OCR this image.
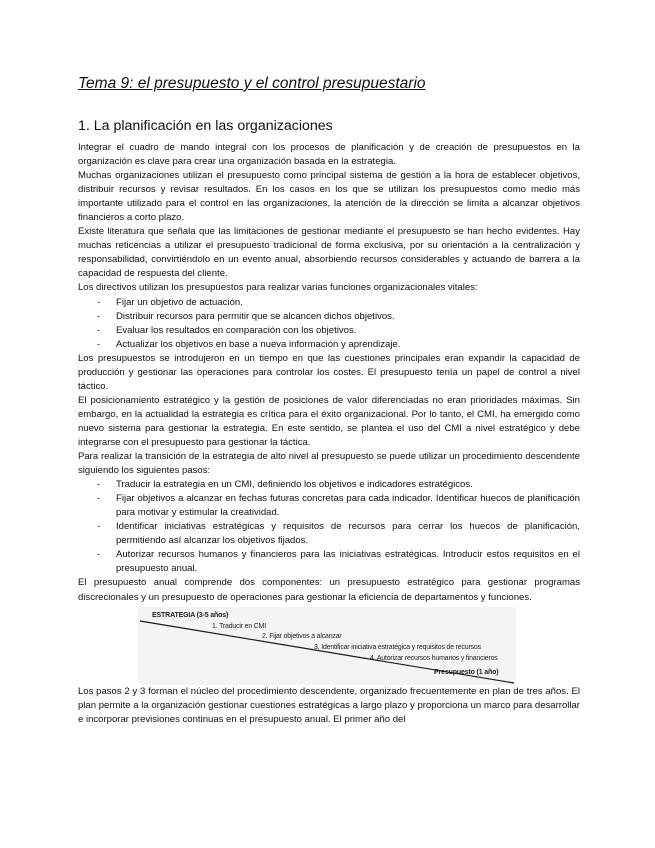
Tema 9: el presupuesto y el control presupuestario
1. La planificación en las organizaciones

Integrar el cuadro de mando integral con los procesos de planificación y de creación de presupuestos en la organización es clave para crear una organización basada en la estrategia.

Muchas organizaciones utilizan el presupuesto como principal sistema de gestión a la hora de establecer objetivos, distribuir recursos y revisar resultados. En los casos en los que se utilizan los presupuestos como medio más importante utilizado para el control en las organizaciones, la atención de la dirección se limita a alcanzar objetivos financieros a corto plazo.

Existe literatura que señala que las limitaciones de gestionar mediante el presupuesto se han hecho evidentes. Hay muchas reticencias a utilizar el presupuesto tradicional de forma exclusiva, por su orientación a la centralización y responsabilidad, convirtiéndolo en un evento anual, absorbiendo recursos considerables y actuando de barrera a la capacidad de respuesta del cliente.

Los directivos utilizan los presupuestos para realizar varias funciones organizacionales vitales:

- Fijar un objetivo de actuación.
- Distribuir recursos para permitir que se alcancen dichos objetivos.
- Evaluar los resultados en comparación con los objetivos.
- Actualizar los objetivos en base a nueva información y aprendizaje.

Los presupuestos se introdujeron en un tiempo en que las cuestiones principales eran expandir la capacidad de producción y gestionar las operaciones para controlar los costes. El presupuesto tenía un papel de control a nivel táctico.

El posicionamiento estratégico y la gestión de posiciones de valor diferenciadas no eran prioridades máximas. Sin embargo, en la actualidad la estrategia es crítica para el éxito organizacional. Por lo tanto, el CMI, ha emergido como nuevo sistema para gestionar la estrategia. En este sentido, se plantea el uso del CMI a nivel estratégico y debe integrarse con el presupuesto para gestionar la táctica.

Para realizar la transición de la estrategia de alto nivel al presupuesto se puede utilizar un procedimiento descendente siguiendo los siguientes pasos:

- Traducir la estrategia en un CMI, definiendo los objetivos e indicadores estratégicos.
- Fijar objetivos a alcanzar en fechas futuras concretas para cada indicador. Identificar huecos de planificación para motivar y estimular la creatividad.
- Identificar iniciativas estratégicas y requisitos de recursos para cerrar los huecos de planificación, permitiendo así alcanzar los objetivos fijados.
- Autorizar recursos humanos y financieros para las iniciativas estratégicas. Introducir estos requisitos en el presupuesto anual.

El presupuesto anual comprende dos componentes: un presupuesto estratégico para gestionar programas discrecionales y un presupuesto de operaciones para gestionar la eficiencia de departamentos y funciones.

ESTRATEGIA (3-5 años)
1. Traducir en CMI
2. Fijar objetivos a alcanzar
3. Identificar iniciativa estratégica y requisitos de recursos
4. Autorizar recursos humanos y financieros
Presupuesto (1 año)

Los pasos 2 y 3 forman el núcleo del procedimiento descendente, organizado frecuentemente en plan de tres años. El plan permite a la organización gestionar cuestiones estratégicas a largo plazo y proporciona un marco para desarrollar e incorporar previsiones continuas en el presupuesto anual. El primer año del
